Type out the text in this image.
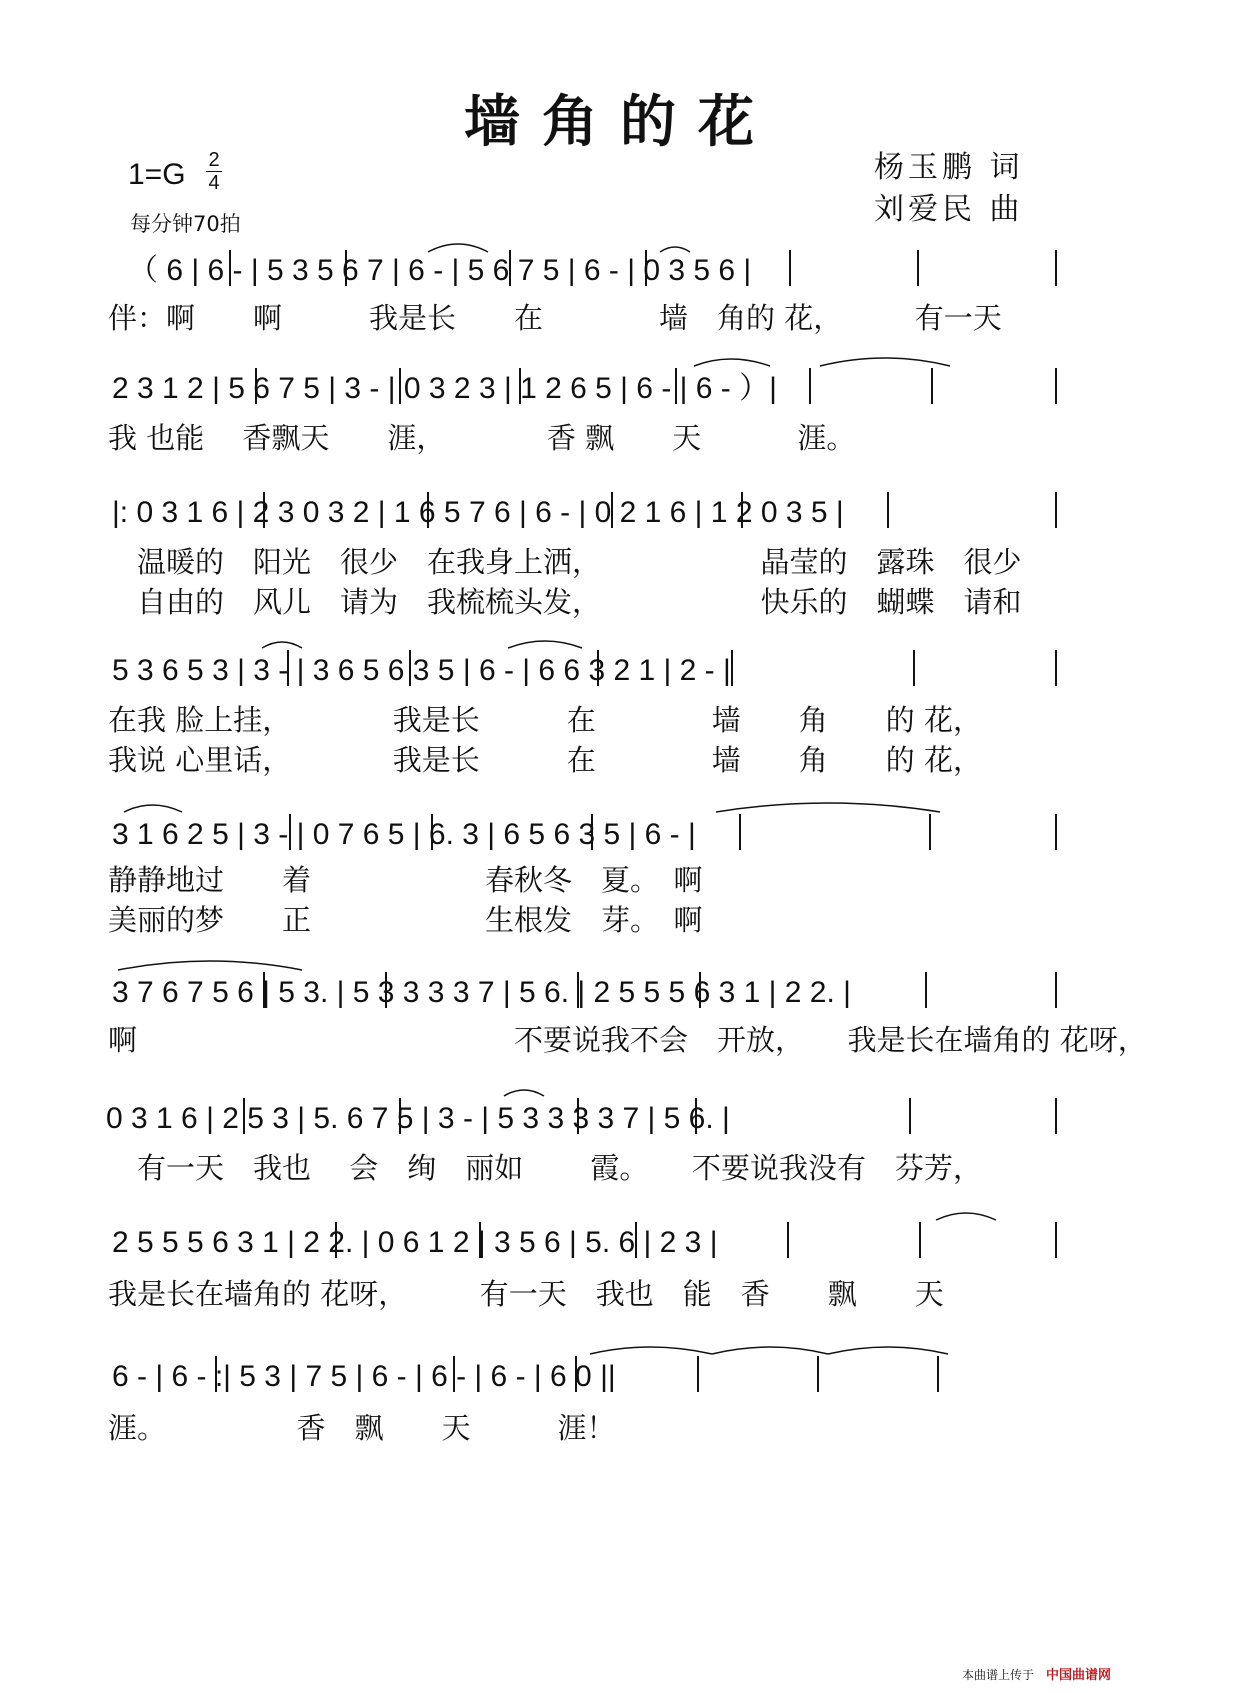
墙角的花
1=G 2
4
每分钟70拍
杨玉鹏 词
刘爱民 曲
（ 6 | 6 - | 5 3 5 6 7 | 6 - | 5 6 7 5 | 6 - | 0 3 5 6 |
伴：啊　　啊　　　我是长　　在　　　　墙　角的 花，　　　有一天
2 3 1 2 | 5 6 7 5 | 3 - | 0 3 2 3 | 1 2 6 5 | 6 - | 6 - ）|
我 也能　 香飘天　　涯，　　　　香 飘　　天　　　 涯。
|: 0 3 1 6 | 2 3 0 3 2 | 1 6 5 7 6 | 6 - | 0 2 1 6 | 1 2 0 3 5 |
　温暖的　阳光　很少　在我身上洒，　　　　　　晶莹的　露珠　很少
　自由的　风儿　请为　我梳梳头发，　　　　　　快乐的　蝴蝶　请和
5 3 6 5 3 | 3 - | 3 6 5 6 3 5 | 6 - | 6 6 3 2 1 | 2 - |
在我 脸上挂，　　　　我是长　　　在　　　　墙　　角　　的 花，
我说 心里话，　　　　我是长　　　在　　　　墙　　角　　的 花，
3 1 6 2 5 | 3 - | 0 7 6 5 | 6. 3 | 6 5 6 3 5 | 6 - |
静静地过　　着　　　　　　春秋冬　夏。　啊
美丽的梦　　正　　　　　　生根发　芽。　啊
3 7 6 7 5 6 | 5 3. | 5 3 3 3 3 7 | 5 6. | 2 5 5 5 6 3 1 | 2 2. |
啊　　　　　　　　　　　　　不要说我不会　开放，　　我是长在墙角的 花呀，
0 3 1 6 | 2 5 3 | 5. 6 7 5 | 3 - | 5 3 3 3 3 7 | 5 6. |
　有一天　我也　 会　绚　丽如　　 霞。　　不要说我没有　芬芳，
2 5 5 5 6 3 1 | 2 2. | 0 6 1 2 | 3 5 6 | 5. 6 | 2 3 |
我是长在墙角的 花呀，　　　有一天　我也　能　香　　飘　　天
6 - | 6 - :| 5 3 | 7 5 | 6 - | 6 - | 6 - | 6 0 ||
涯。　　　　　香　飘　　天　　　涯！
本曲谱上传于 中国曲谱网
